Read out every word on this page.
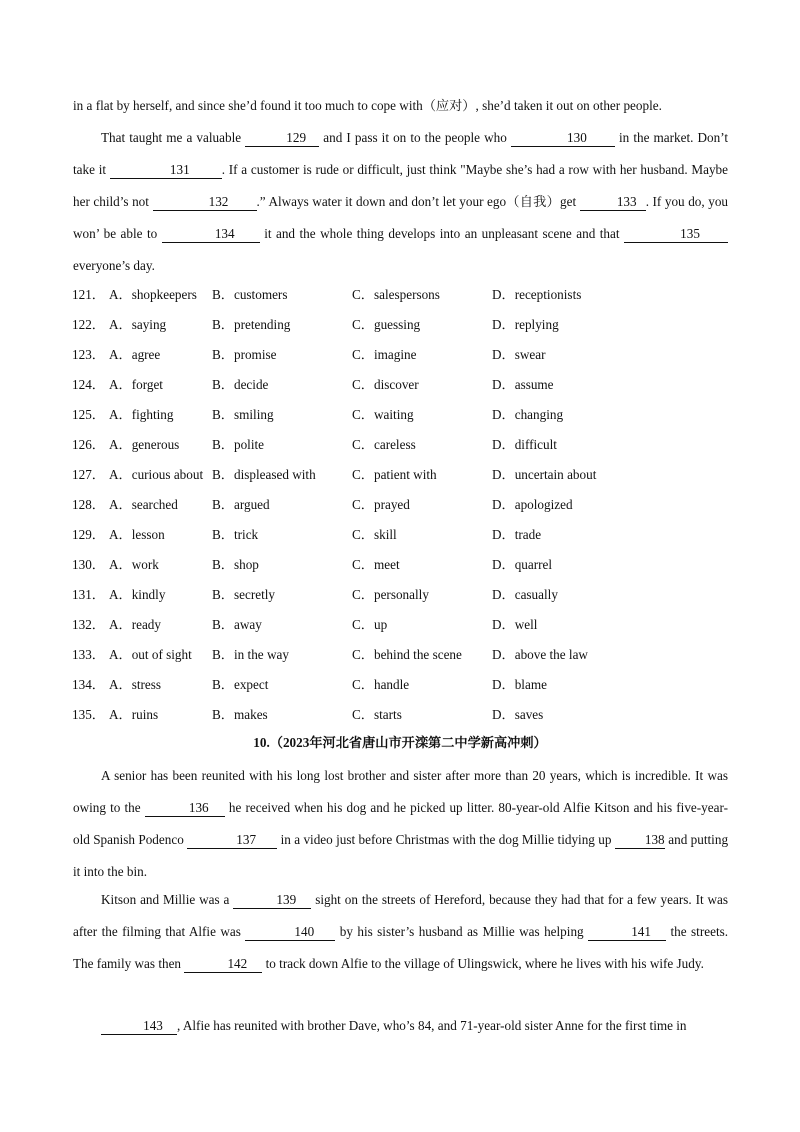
in a flat by herself, and since she’d found it too much to cope with（应对）, she’d taken it out on other people.

That taught me a valuable	129 and I pass it on to the people who	130 in the market. Don’t take it	131 . If a customer is rude or difficult, just think "Maybe she’s had a row with her husband. Maybe her child’s not	132 .” Always water it down and don’t let your ego（自我）get	133 . If you do, you won’ be able to	134 it and the whole thing develops into an unpleasant scene and that	135everyone’s day.

121． A．shopkeepers B．customers	C．salespersons	D．receptionists
122． A．saying	B．pretending	C．guessing	D．replying
123． A．agree	B．promise	C．imagine	D．swear
124． A．forget	B．decide	C．discover	D．assume
125． A．fighting	B．smiling	C．waiting	D．changing
126． A．generous B．polite	C．careless	D．difficult
127． A．curious about B．displeased with	C．patient with	D．uncertain about
128． A．searched	B．argued	C．prayed	D．apologized
129． A．lesson	B．trick	C．skill	D．trade
130． A．work	B．shop	C．meet	D．quarrel
131． A．kindly	B．secretly	C．personally	D．casually
132． A．ready	B．away	C．up	D．well
133． A．out of sight B．in the way	C．behind the scene D．above the law
134． A．stress	B．expect	C．handle	D．blame
135． A．ruins	B．makes	C．starts	D．saves
10.（2023年河北省唐山市开滦第二中学新高冲刺）

A senior has been reunited with his long lost brother and sister after more than 20 years, which is incredible. It was owing to the	136 he received when his dog and he picked up litter. 80-year-old Alfie Kitson and his five-year-old Spanish Podenco	137 in a video just before Christmas with the dog Millie tidying up	138 and putting it into the bin.

Kitson and Millie was a	139 sight on the streets of Hereford, because they had that for a few years. It was after the filming that Alfie was	140 by his sister’s husband as Millie was helping	141 the streets. The family was then	142 to track down Alfie to the village of Ulingswick, where he lives with his wife Judy.

143 , Alfie has reunited with brother Dave, who’s 84, and 71-year-old sister Anne for the first time in
